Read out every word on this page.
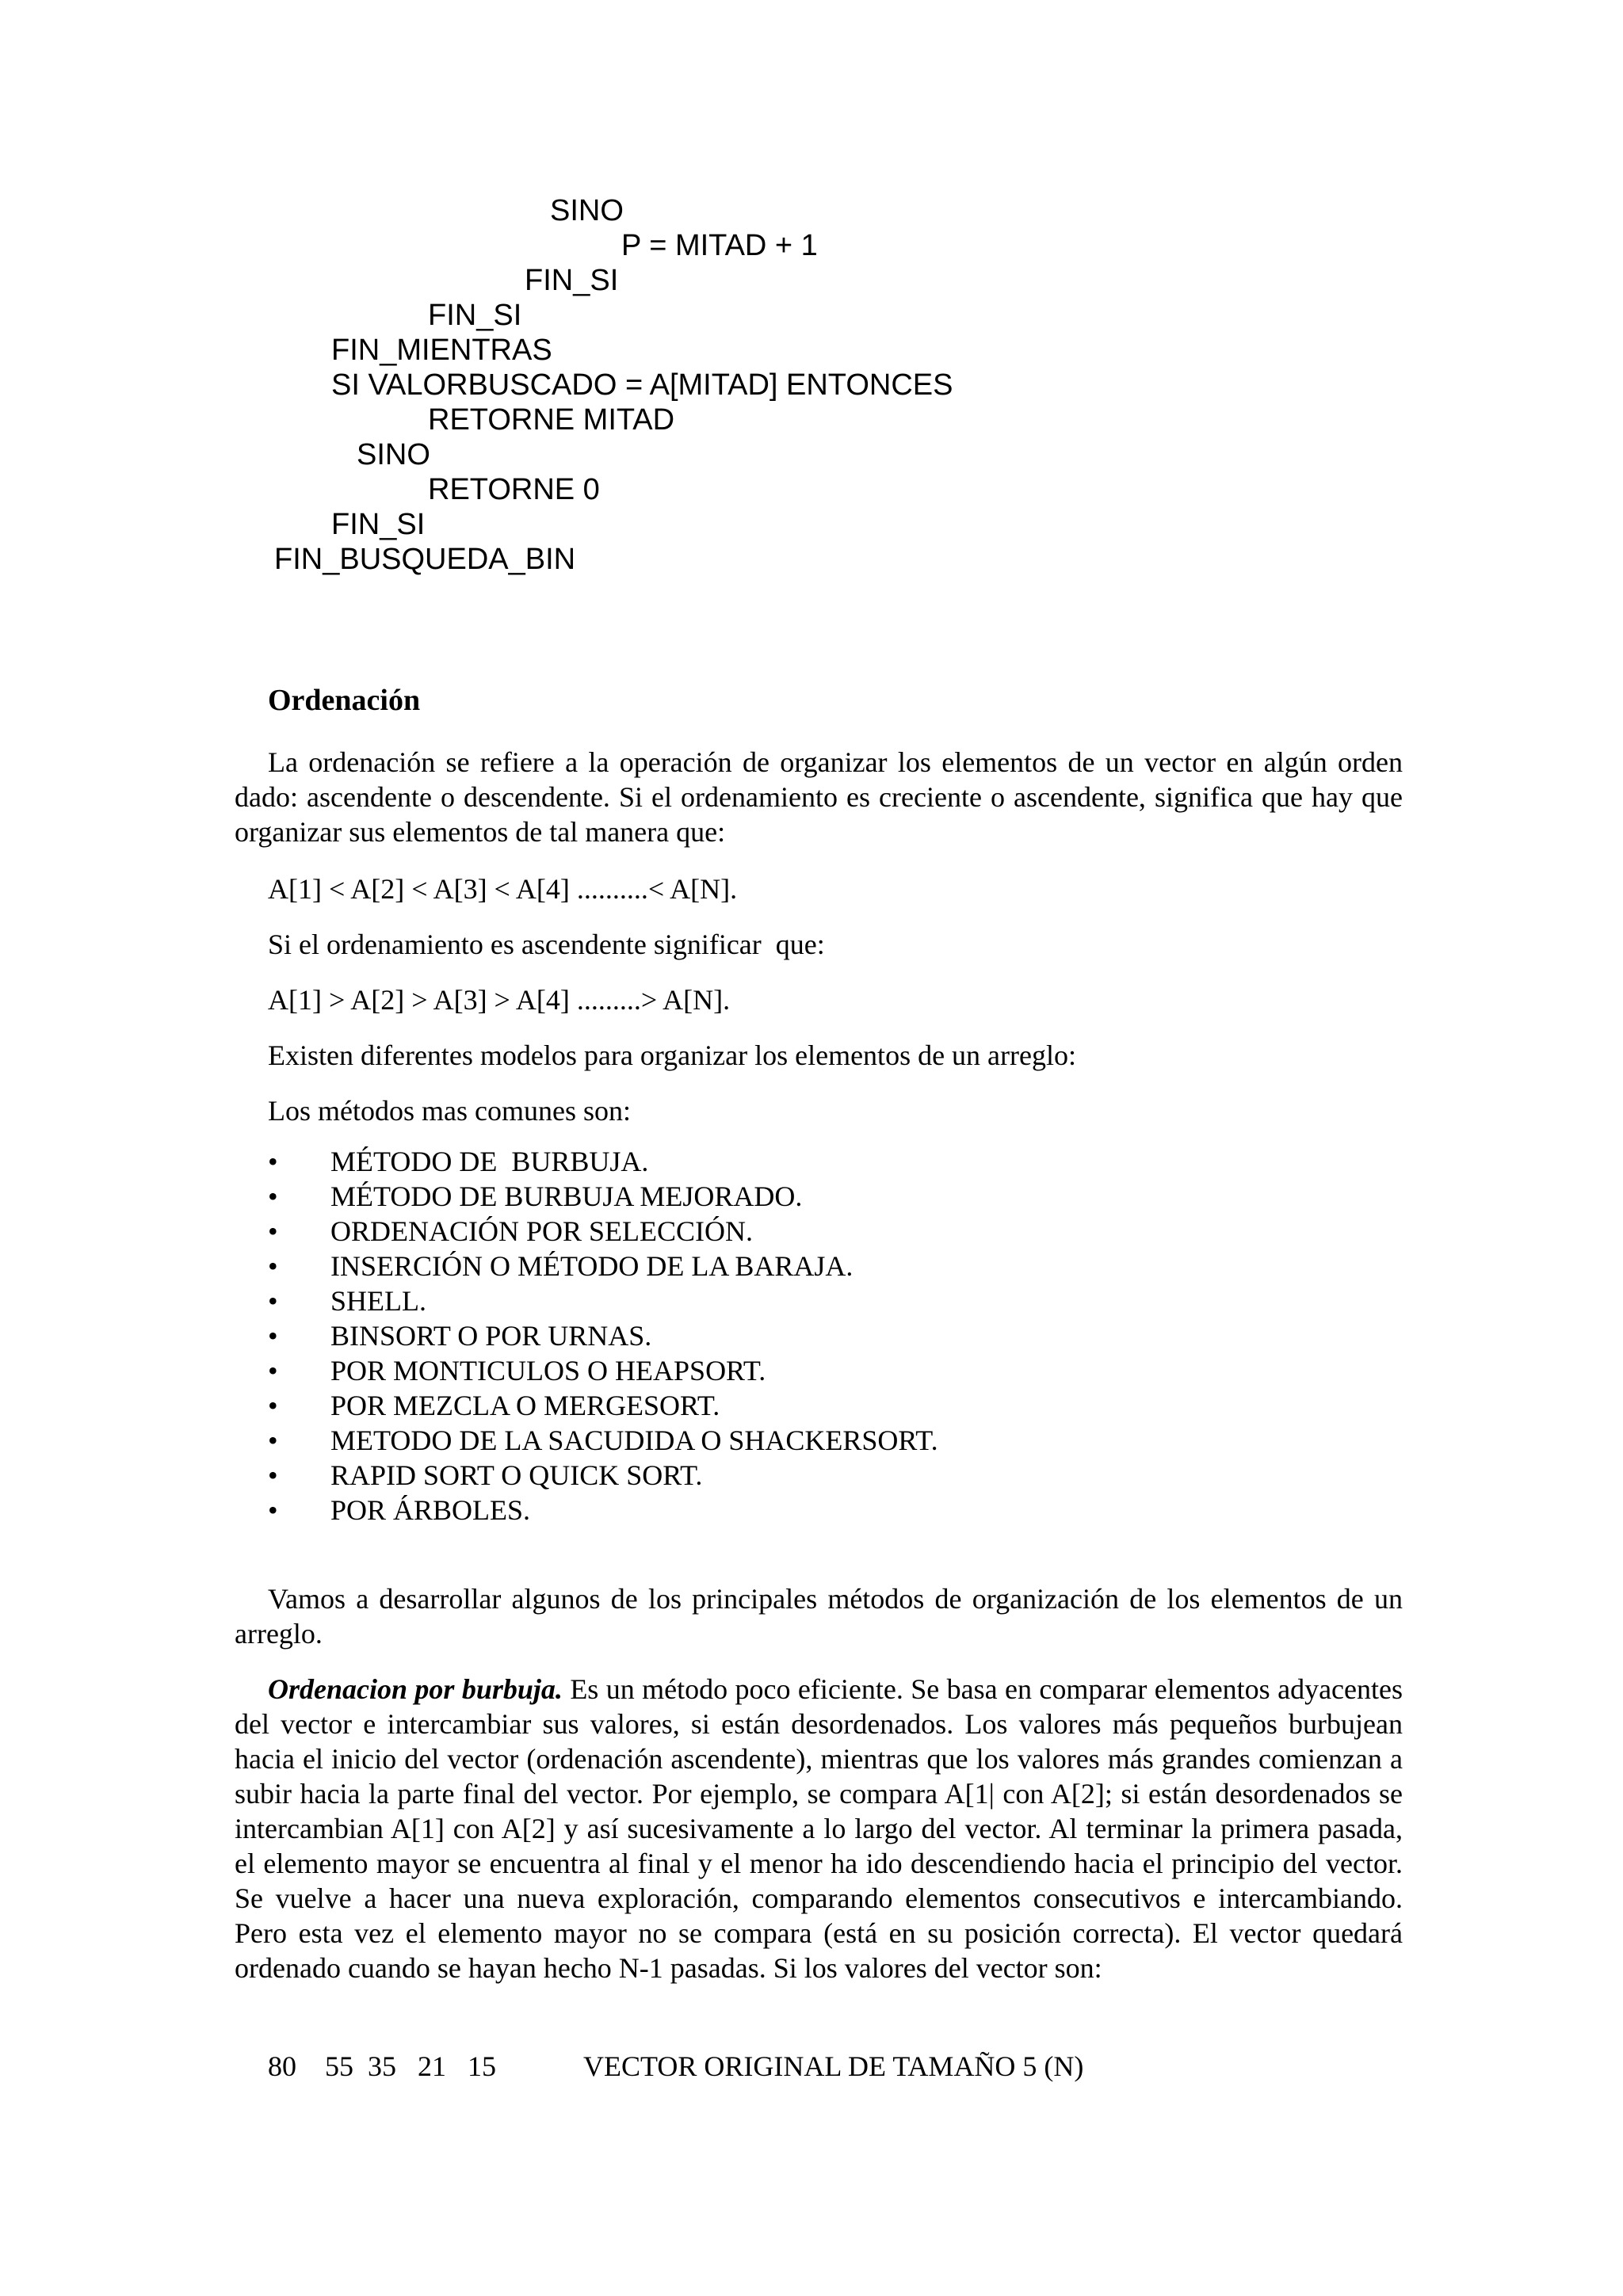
SINO
P = MITAD + 1
FIN_SI
FIN_SI
FIN_MIENTRAS
SI VALORBUSCADO = A[MITAD] ENTONCES
RETORNE MITAD
SINO
RETORNE 0
FIN_SI
FIN_BUSQUEDA_BIN
Ordenación

La ordenación se refiere a la operación de organizar los elementos de un vector en algún orden dado: ascendente o descendente. Si el ordenamiento es creciente o ascendente, significa que hay que organizar sus elementos de tal manera que:

A[1] < A[2] < A[3] < A[4] ..........< A[N].
Si el ordenamiento es ascendente significar  que:
A[1] > A[2] > A[3] > A[4] .........> A[N].
Existen diferentes modelos para organizar los elementos de un arreglo:
Los métodos mas comunes son:
• MÉTODO DE  BURBUJA.
• MÉTODO DE BURBUJA MEJORADO.
• ORDENACIÓN POR SELECCIÓN.
• INSERCIÓN O MÉTODO DE LA BARAJA.
• SHELL.
• BINSORT O POR URNAS.
• POR MONTICULOS O HEAPSORT.
• POR MEZCLA O MERGESORT.
• METODO DE LA SACUDIDA O SHACKERSORT.
• RAPID SORT O QUICK SORT.
• POR ÁRBOLES.

Vamos a desarrollar algunos de los principales métodos de organización de los elementos de un arreglo.

Ordenacion por burbuja. Es un método poco eficiente. Se basa en comparar elementos adyacentes del vector e intercambiar sus valores, si están desordenados. Los valores más pequeños burbujean hacia el inicio del vector (ordenación ascendente), mientras que los valores más grandes comienzan a subir hacia la parte final del vector. Por ejemplo, se compara A[1| con A[2]; si están desordenados se intercambian A[1] con A[2] y así sucesivamente a lo largo del vector. Al terminar la primera pasada, el elemento mayor se encuentra al final y el menor ha ido descendiendo hacia el principio del vector. Se vuelve a hacer una nueva exploración, comparando elementos consecutivos e intercambiando. Pero esta vez el elemento mayor no se compara (está en su posición correcta). El vector quedará ordenado cuando se hayan hecho N-1 pasadas. Si los valores del vector son:

80    55  35   21   15	VECTOR ORIGINAL DE TAMAÑO 5 (N)
